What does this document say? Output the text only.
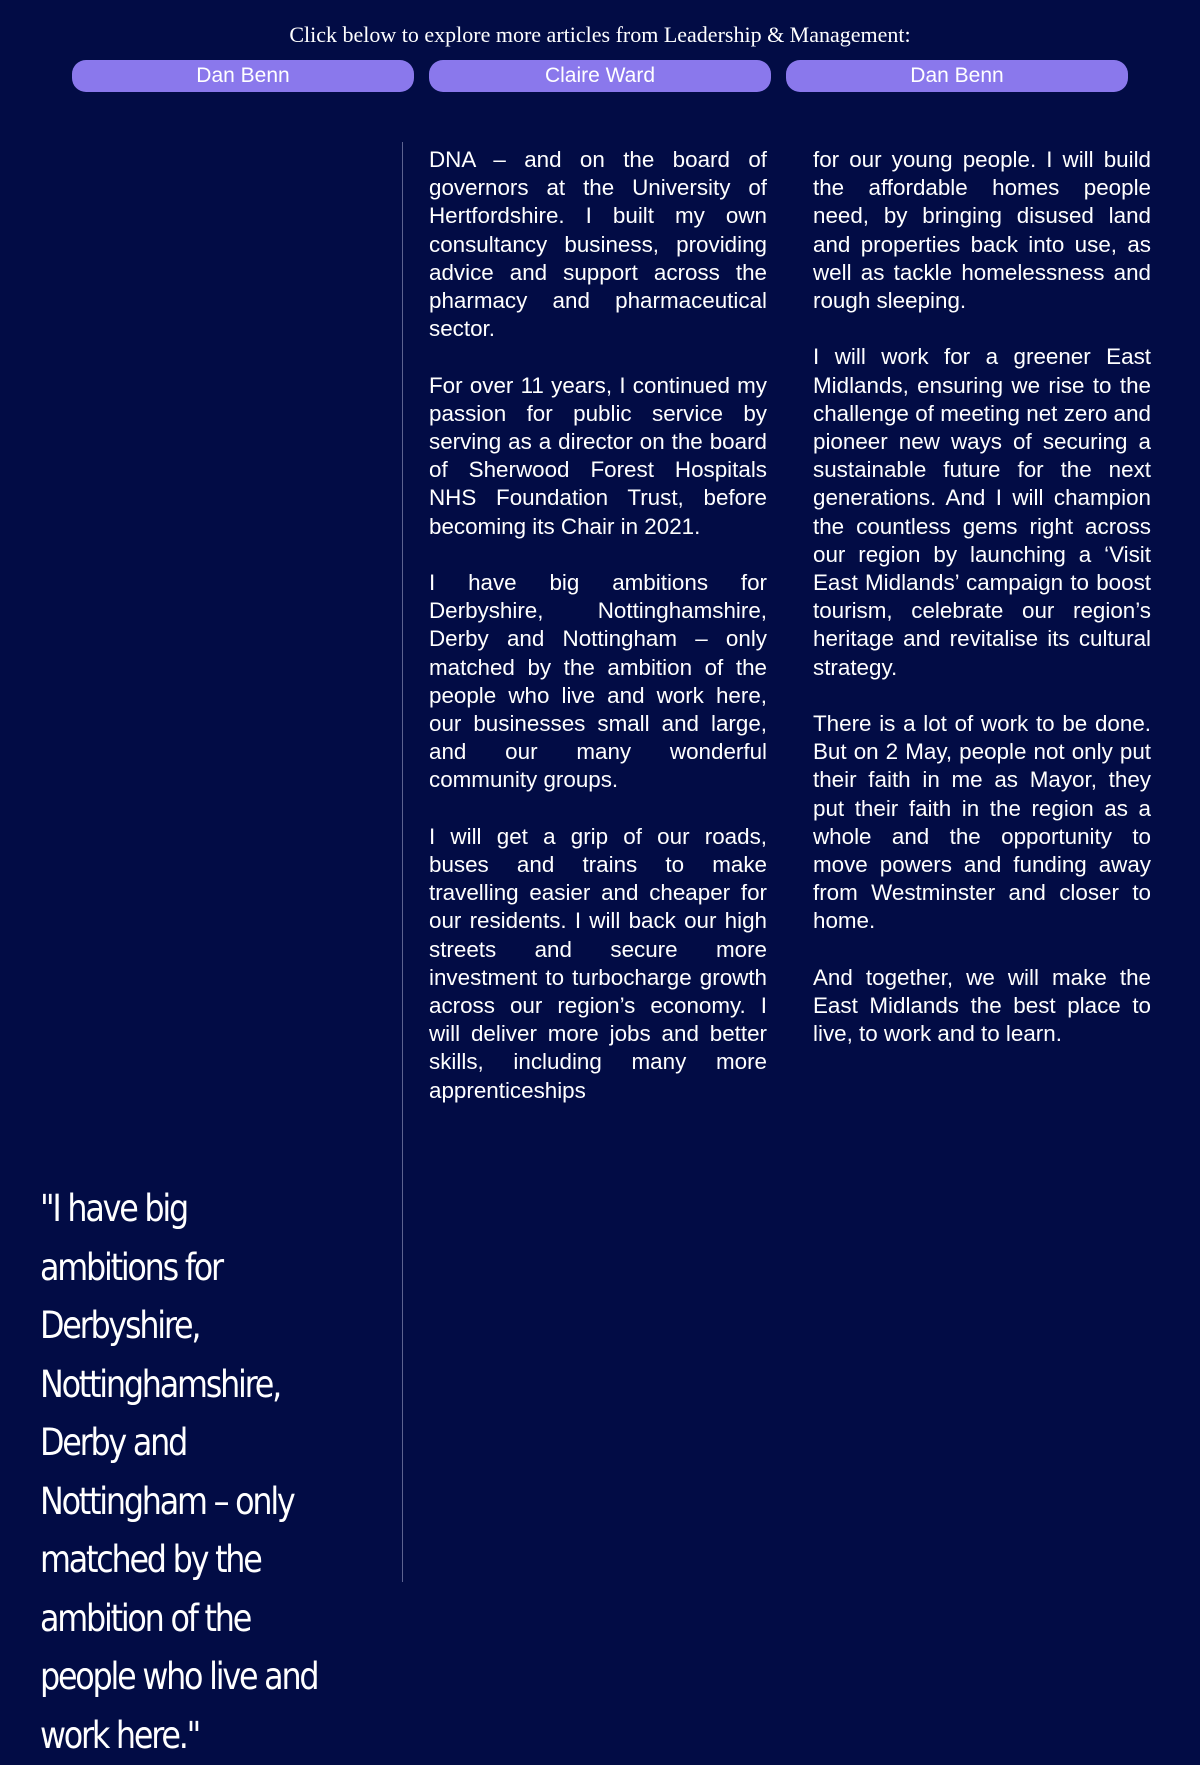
Click below to explore more articles from Leadership & Management:
Dan Benn	Claire Ward	Dan Benn

DNA – and on the board of governors at the University of Hertfordshire. I built my own consultancy business, providing advice and support across the pharmacy and pharmaceutical sector.

For over 11 years, I continued my passion for public service by serving as a director on the board of Sherwood Forest Hospitals NHS Foundation Trust, before becoming its Chair in 2021.

I have big ambitions for Derbyshire, Nottinghamshire, Derby and Nottingham – only matched by the ambition of the people who live and work here, our businesses small and large, and our many wonderful community groups.

I will get a grip of our roads, buses and trains to make travelling easier and cheaper for our residents. I will back our high streets and secure more investment to turbocharge growth across our region’s economy. I will deliver more jobs and better skills, including many more apprenticeships

for our young people. I will build the affordable homes people need, by bringing disused land and properties back into use, as well as tackle homelessness and rough sleeping.

I will work for a greener East Midlands, ensuring we rise to the challenge of meeting net zero and pioneer new ways of securing a sustainable future for the next generations. And I will champion the countless gems right across our region by launching a ‘Visit East Midlands’ campaign to boost tourism, celebrate our region’s heritage and revitalise its cultural strategy.

There is a lot of work to be done. But on 2 May, people not only put their faith in me as Mayor, they put their faith in the region as a whole and the opportunity to move powers and funding away from Westminster and closer to home.

And together, we will make the East Midlands the best place to live, to work and to learn.

"I have big ambitions for Derbyshire, Nottinghamshire, Derby and Nottingham – only matched by the ambition of the people who live and work here."
